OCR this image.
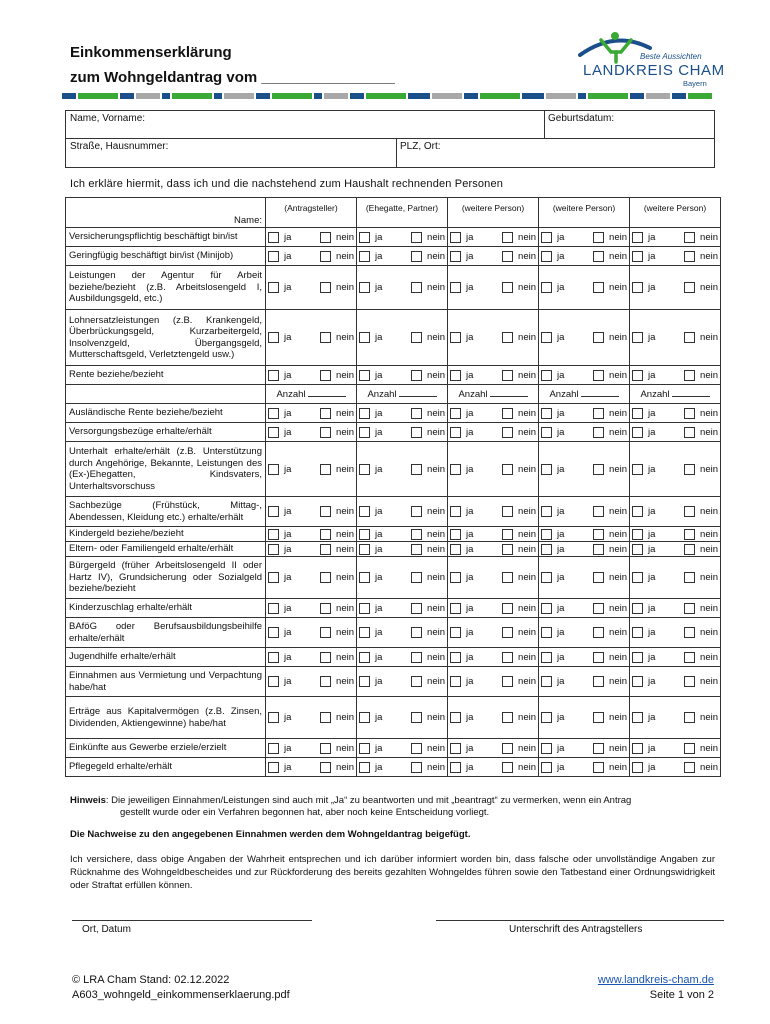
Einkommenserklärung
zum Wohngeldantrag vom ________________
Beste Aussichten
LANDKREIS CHAM
Bayern
Name, Vorname:	Geburtsdatum:
Straße, Hausnummer:	PLZ, Ort:
Ich erkläre hiermit, dass ich und die nachstehend zum Haushalt rechnenden Personen
Name:	(Antragsteller)	(Ehegatte, Partner)	(weitere Person)	(weitere Person)	(weitere Person)
Versicherungspflichtig beschäftigt bin/ist	ja nein	ja nein	ja nein	ja nein	ja nein

Geringfügig beschäftigt bin/ist (Minijob)	ja nein	ja nein	ja nein	ja nein	ja nein

Leistungen der Agentur für Arbeit beziehe/bezieht (z.B. Arbeitslosengeld I, Ausbildungsgeld, etc.)	ja nein	ja nein	ja nein	ja nein	ja nein

Lohnersatzleistungen (z.B. Krankengeld, Überbrückungsgeld, Kurzarbeitergeld, Insolvenzgeld, Übergangsgeld, Mutterschaftsgeld, Verletztengeld usw.)	ja nein	ja nein	ja nein	ja nein	ja nein

Rente beziehe/bezieht	ja nein	ja nein	ja nein	ja nein	ja nein

	Anzahl	Anzahl	Anzahl	Anzahl	Anzahl

Ausländische Rente beziehe/bezieht	ja nein	ja nein	ja nein	ja nein	ja nein

Versorgungsbezüge erhalte/erhält	ja nein	ja nein	ja nein	ja nein	ja nein

Unterhalt erhalte/erhält (z.B. Unterstützung durch Angehörige, Bekannte, Leistungen des (Ex-)Ehegatten, Kindsvaters, Unterhaltsvorschuss	ja nein	ja nein	ja nein	ja nein	ja nein

Sachbezüge (Frühstück, Mittag-, Abendessen, Kleidung etc.) erhalte/erhält	ja nein	ja nein	ja nein	ja nein	ja nein

Kindergeld beziehe/bezieht	ja nein	ja nein	ja nein	ja nein	ja nein

Eltern- oder Familiengeld erhalte/erhält	ja nein	ja nein	ja nein	ja nein	ja nein

Bürgergeld (früher Arbeitslosengeld II oder Hartz IV), Grundsicherung oder Sozialgeld beziehe/bezieht	ja nein	ja nein	ja nein	ja nein	ja nein

Kinderzuschlag erhalte/erhält	ja nein	ja nein	ja nein	ja nein	ja nein

BAföG oder Berufsausbildungsbeihilfe erhalte/erhält	ja nein	ja nein	ja nein	ja nein	ja nein

Jugendhilfe erhalte/erhält	ja nein	ja nein	ja nein	ja nein	ja nein

Einnahmen aus Vermietung und Verpachtung habe/hat	ja nein	ja nein	ja nein	ja nein	ja nein

Erträge aus Kapitalvermögen (z.B. Zinsen, Dividenden, Aktiengewinne) habe/hat	ja nein	ja nein	ja nein	ja nein	ja nein

Einkünfte aus Gewerbe erziele/erzielt	ja nein	ja nein	ja nein	ja nein	ja nein

Pflegegeld erhalte/erhält	ja nein	ja nein	ja nein	ja nein	ja nein
Hinweis: Die jeweiligen Einnahmen/Leistungen sind auch mit „Ja“ zu beantworten und mit „beantragt“ zu vermerken, wenn ein Antrag
gestellt wurde oder ein Verfahren begonnen hat, aber noch keine Entscheidung vorliegt.
Die Nachweise zu den angegebenen Einnahmen werden dem Wohngeldantrag beigefügt.
Ich versichere, dass obige Angaben der Wahrheit entsprechen und ich darüber informiert worden bin, dass falsche oder unvollständige Angaben zur Rücknahme des Wohngeldbescheides und zur Rückforderung des bereits gezahlten Wohngeldes führen sowie den Tatbestand einer Ordnungswidrigkeit oder Straftat erfüllen können.
Ort, Datum	Unterschrift des Antragstellers
© LRA Cham Stand: 02.12.2022
A603_wohngeld_einkommenserklaerung.pdf
www.landkreis-cham.de
Seite 1 von 2
